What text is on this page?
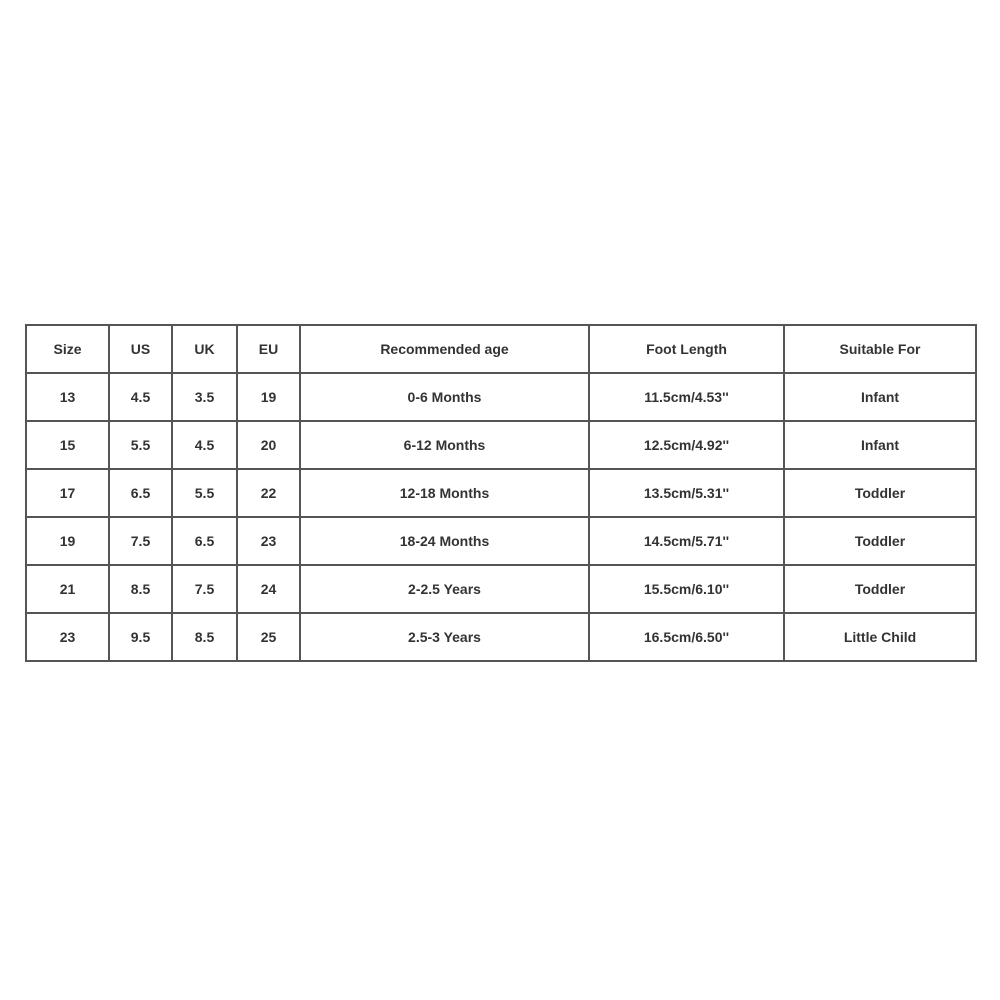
Size	US	UK	EU	Recommended age	Foot Length	Suitable For
13	4.5	3.5	19	0-6 Months	11.5cm/4.53''	Infant
15	5.5	4.5	20	6-12 Months	12.5cm/4.92''	Infant
17	6.5	5.5	22	12-18 Months	13.5cm/5.31''	Toddler
19	7.5	6.5	23	18-24 Months	14.5cm/5.71''	Toddler
21	8.5	7.5	24	2-2.5 Years	15.5cm/6.10''	Toddler
23	9.5	8.5	25	2.5-3 Years	16.5cm/6.50''	Little Child
